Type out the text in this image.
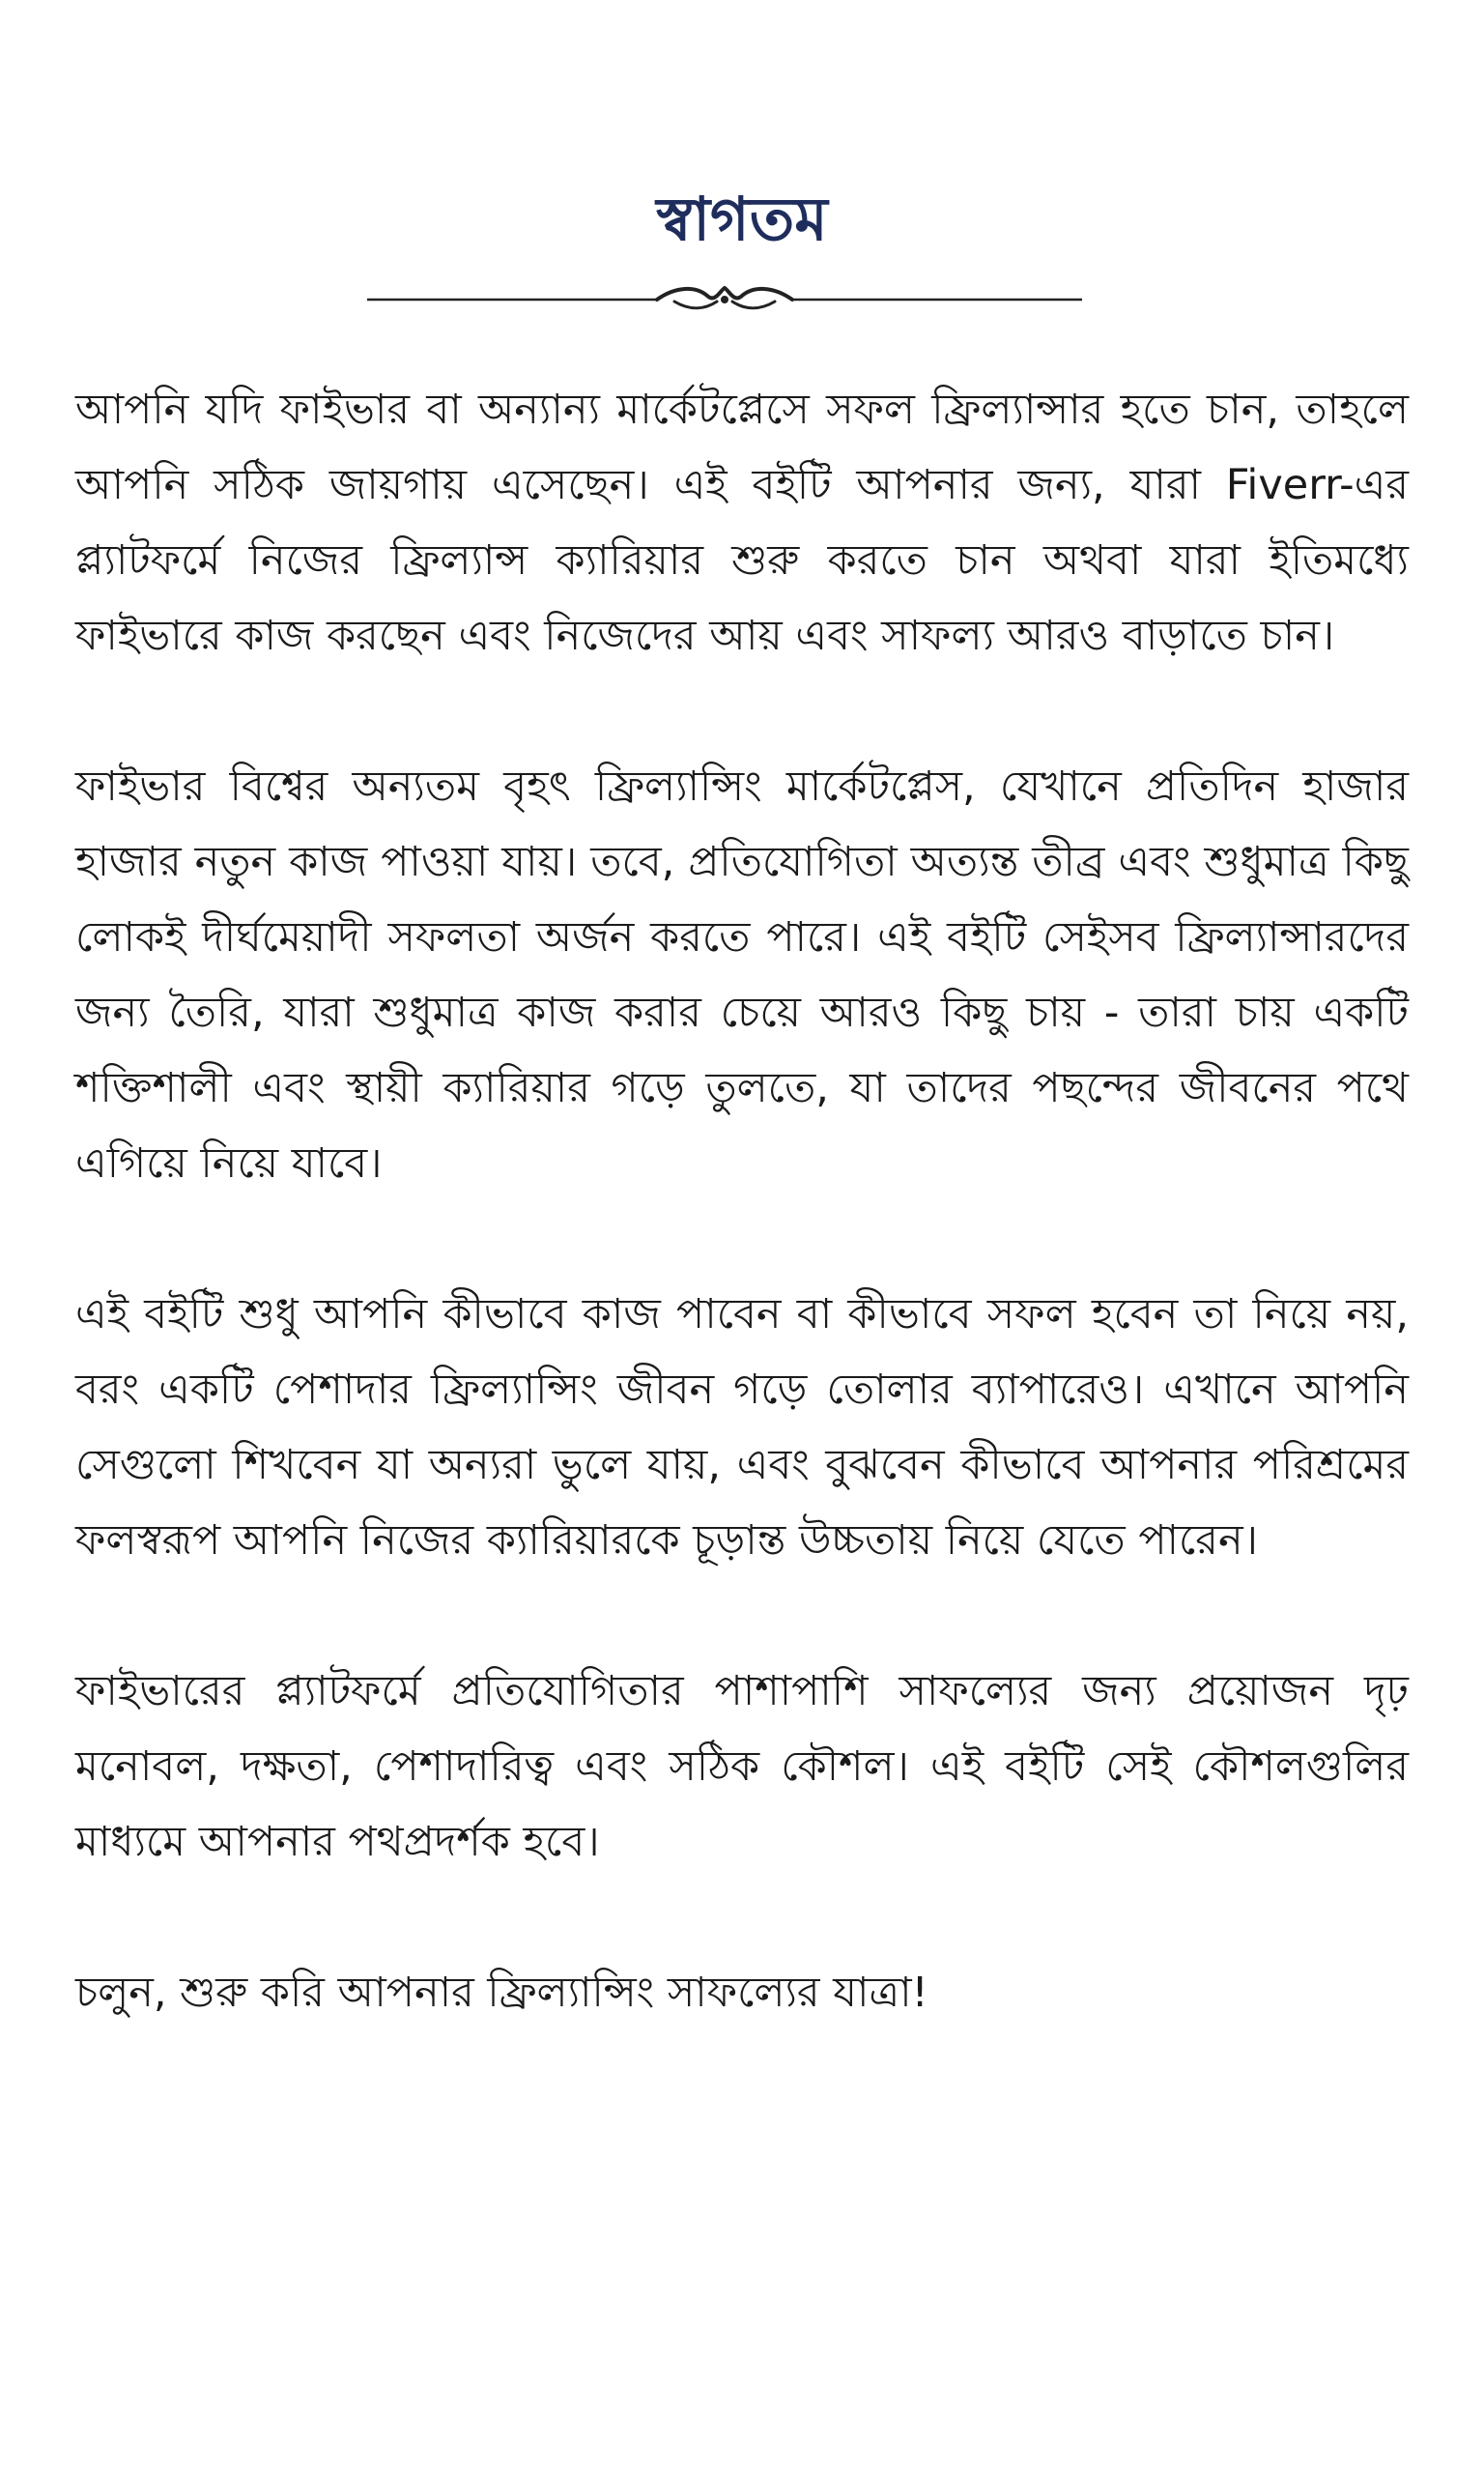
স্বাগতম

আপনি যদি ফাইভার বা অন্যান্য মার্কেটপ্লেসে সফল ফ্রিল্যান্সার হতে চান, তাহলে আপনি সঠিক জায়গায় এসেছেন। এই বইটি আপনার জন্য, যারা Fiverr-এর প্ল্যাটফর্মে নিজের ফ্রিল্যান্স ক্যারিয়ার শুরু করতে চান অথবা যারা ইতিমধ্যে ফাইভারে কাজ করছেন এবং নিজেদের আয় এবং সাফল্য আরও বাড়াতে চান।

ফাইভার বিশ্বের অন্যতম বৃহৎ ফ্রিল্যান্সিং মার্কেটপ্লেস, যেখানে প্রতিদিন হাজার হাজার নতুন কাজ পাওয়া যায়। তবে, প্রতিযোগিতা অত্যন্ত তীব্র এবং শুধুমাত্র কিছু লোকই দীর্ঘমেয়াদী সফলতা অর্জন করতে পারে। এই বইটি সেইসব ফ্রিল্যান্সারদের জন্য তৈরি, যারা শুধুমাত্র কাজ করার চেয়ে আরও কিছু চায় - তারা চায় একটি শক্তিশালী এবং স্থায়ী ক্যারিয়ার গড়ে তুলতে, যা তাদের পছন্দের জীবনের পথে এগিয়ে নিয়ে যাবে।

এই বইটি শুধু আপনি কীভাবে কাজ পাবেন বা কীভাবে সফল হবেন তা নিয়ে নয়, বরং একটি পেশাদার ফ্রিল্যান্সিং জীবন গড়ে তোলার ব্যাপারেও। এখানে আপনি সেগুলো শিখবেন যা অন্যরা ভুলে যায়, এবং বুঝবেন কীভাবে আপনার পরিশ্রমের ফলস্বরূপ আপনি নিজের ক্যারিয়ারকে চূড়ান্ত উচ্চতায় নিয়ে যেতে পারেন।

ফাইভারের প্ল্যাটফর্মে প্রতিযোগিতার পাশাপাশি সাফল্যের জন্য প্রয়োজন দৃঢ় মনোবল, দক্ষতা, পেশাদারিত্ব এবং সঠিক কৌশল। এই বইটি সেই কৌশলগুলির মাধ্যমে আপনার পথপ্রদর্শক হবে।

চলুন, শুরু করি আপনার ফ্রিল্যান্সিং সাফল্যের যাত্রা!
